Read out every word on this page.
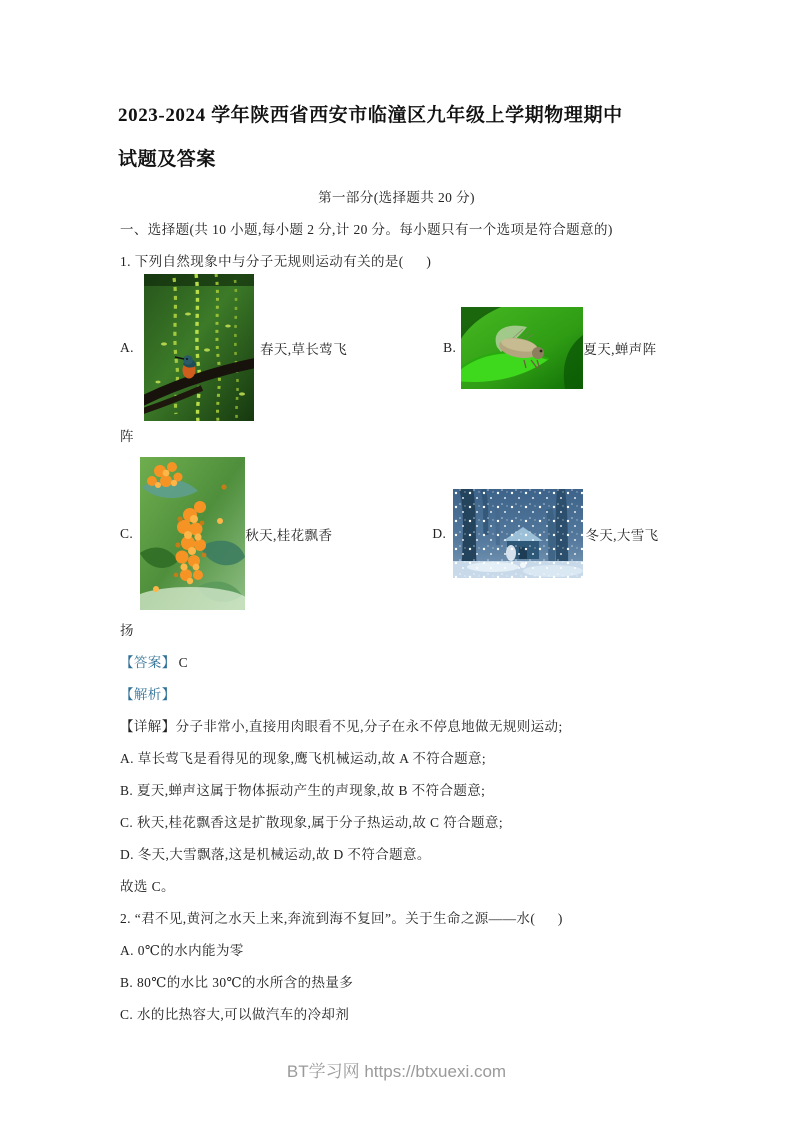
2023-2024 学年陕西省西安市临潼区九年级上学期物理期中
试题及答案
第一部分(选择题共 20 分)

一、选择题(共 10 小题,每小题 2 分,计 20 分。每小题只有一个选项是符合题意的)

1. 下列自然现象中与分子无规则运动有关的是(      )

A.

	春天,草长莺飞	B.

	夏天,蝉声阵

阵

C.

	秋天,桂花飘香	D.

	冬天,大雪飞

扬

【答案】 C

【解析】

【详解】分子非常小,直接用肉眼看不见,分子在永不停息地做无规则运动;

A. 草长莺飞是看得见的现象,鹰飞机械运动,故 A 不符合题意;

B. 夏天,蝉声这属于物体振动产生的声现象,故 B 不符合题意;

C. 秋天,桂花飘香这是扩散现象,属于分子热运动,故 C 符合题意;

D. 冬天,大雪飘落,这是机械运动,故 D 不符合题意。

故选 C。

2. “君不见,黄河之水天上来,奔流到海不复回”。关于生命之源——水(      )

A. 0℃的水内能为零

B. 80℃的水比 30℃的水所含的热量多

C. 水的比热容大,可以做汽车的冷却剂

BT学习网 https://btxuexi.com
